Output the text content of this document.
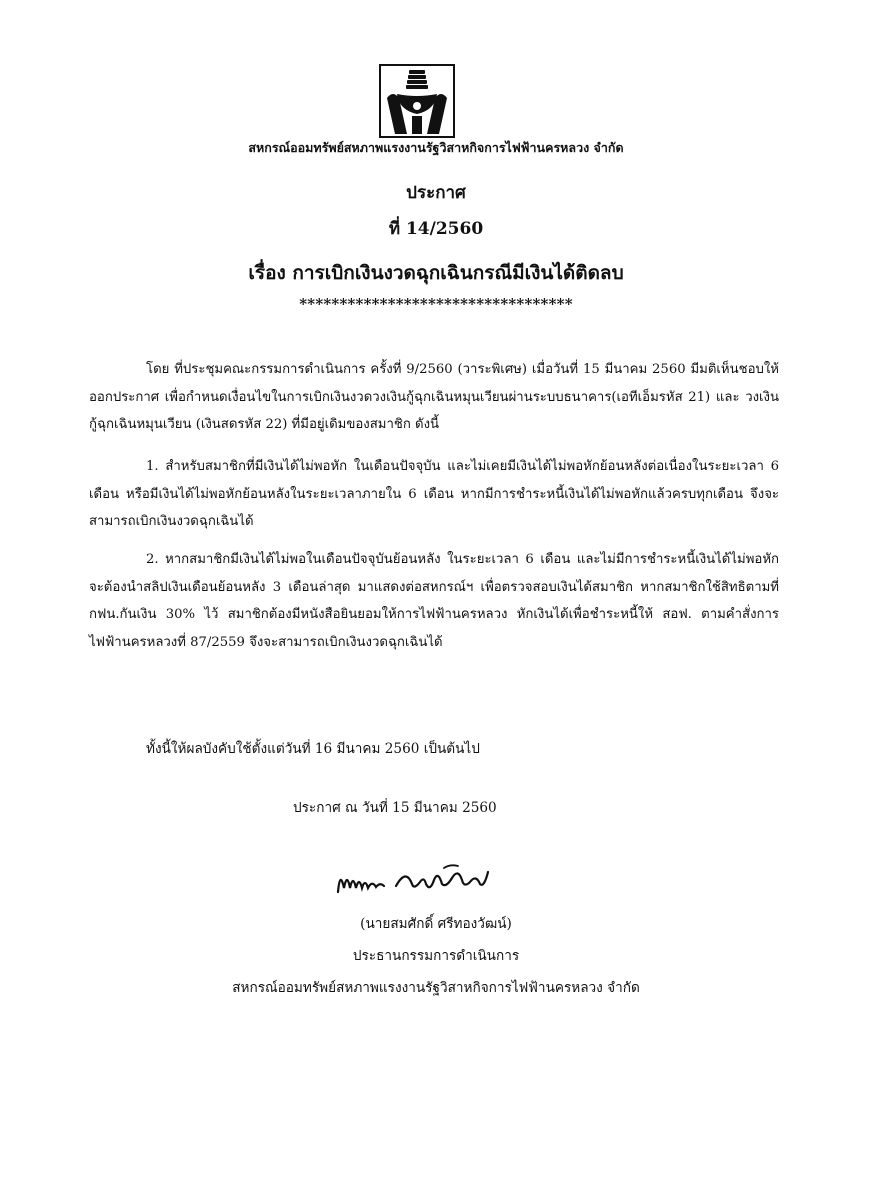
สหกรณ์ออมทรัพย์สหภาพแรงงานรัฐวิสาหกิจการไฟฟ้านครหลวง จำกัด
ประกาศ
ที่ 14/2560
เรื่อง การเบิกเงินงวดฉุกเฉินกรณีมีเงินได้ติดลบ
**********************************
โดย ที่ประชุมคณะกรรมการดำเนินการ ครั้งที่ 9/2560 (วาระพิเศษ) เมื่อวันที่ 15 มีนาคม 2560 มีมติเห็นชอบให้ออกประกาศ เพื่อกำหนดเงื่อนไขในการเบิกเงินงวดวงเงินกู้ฉุกเฉินหมุนเวียนผ่านระบบธนาคาร(เอทีเอ็มรหัส 21) และ วงเงินกู้ฉุกเฉินหมุนเวียน (เงินสดรหัส 22) ที่มีอยู่เดิมของสมาชิก ดังนี้
1. สำหรับสมาชิกที่มีเงินได้ไม่พอหัก ในเดือนปัจจุบัน และไม่เคยมีเงินได้ไม่พอหักย้อนหลังต่อเนื่องในระยะเวลา 6 เดือน หรือมีเงินได้ไม่พอหักย้อนหลังในระยะเวลาภายใน 6 เดือน หากมีการชำระหนี้เงินได้ไม่พอหักแล้วครบทุกเดือน จึงจะสามารถเบิกเงินงวดฉุกเฉินได้
2. หากสมาชิกมีเงินได้ไม่พอในเดือนปัจจุบันย้อนหลัง ในระยะเวลา 6 เดือน และไม่มีการชำระหนี้เงินได้ไม่พอหัก จะต้องนำสลิปเงินเดือนย้อนหลัง 3 เดือนล่าสุด มาแสดงต่อสหกรณ์ฯ เพื่อตรวจสอบเงินได้สมาชิก หากสมาชิกใช้สิทธิตามที่ กฟน.กันเงิน 30% ไว้ สมาชิกต้องมีหนังสือยินยอมให้การไฟฟ้านครหลวง หักเงินได้เพื่อชำระหนี้ให้ สอฟ. ตามคำสั่งการไฟฟ้านครหลวงที่ 87/2559 จึงจะสามารถเบิกเงินงวดฉุกเฉินได้
ทั้งนี้ให้ผลบังคับใช้ตั้งแต่วันที่ 16 มีนาคม 2560 เป็นต้นไป
ประกาศ ณ วันที่ 15 มีนาคม 2560
(นายสมศักดิ์ ศรีทองวัฒน์)
ประธานกรรมการดำเนินการ
สหกรณ์ออมทรัพย์สหภาพแรงงานรัฐวิสาหกิจการไฟฟ้านครหลวง จำกัด
